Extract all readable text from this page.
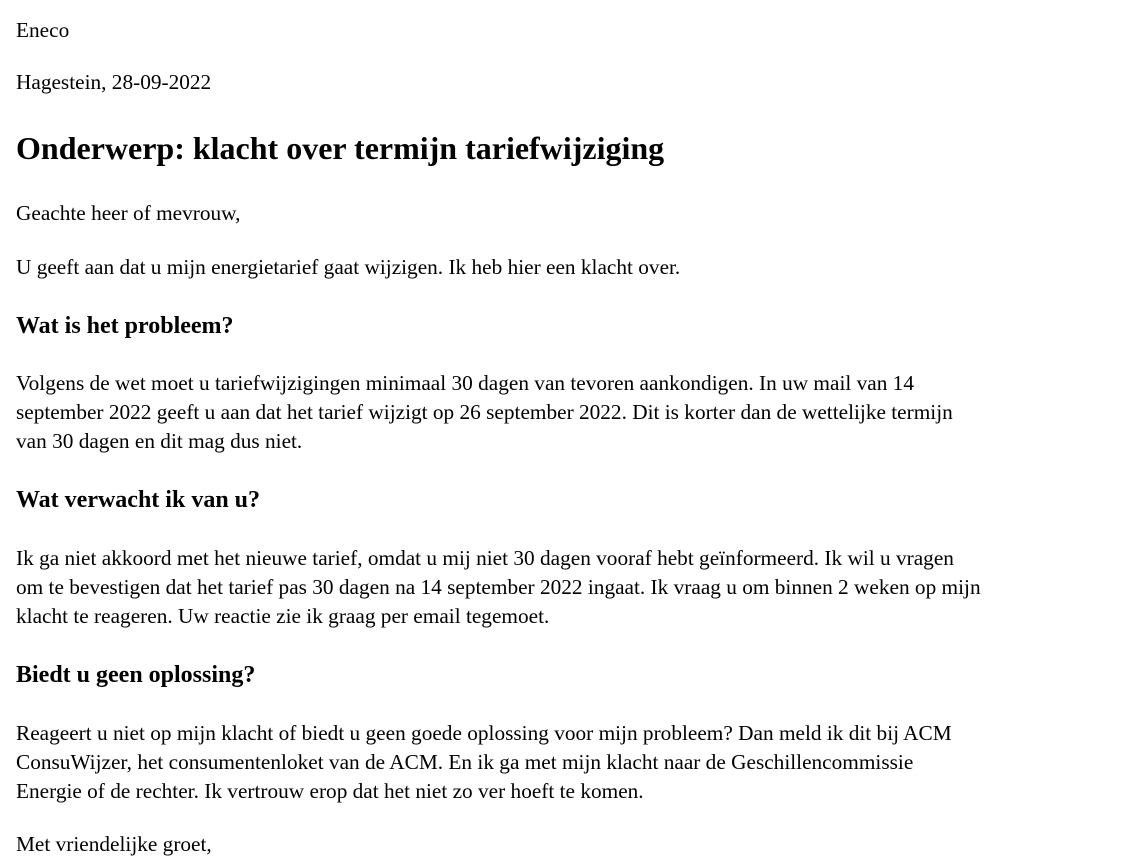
Eneco

Hagestein, 28-09-2022

Onderwerp: klacht over termijn tariefwijziging

Geachte heer of mevrouw,

U geeft aan dat u mijn energietarief gaat wijzigen. Ik heb hier een klacht over.

Wat is het probleem?
Volgens de wet moet u tariefwijzigingen minimaal 30 dagen van tevoren aankondigen. In uw mail van 14
september 2022 geeft u aan dat het tarief wijzigt op 26 september 2022. Dit is korter dan de wettelijke termijn
van 30 dagen en dit mag dus niet.
Wat verwacht ik van u?
Ik ga niet akkoord met het nieuwe tarief, omdat u mij niet 30 dagen vooraf hebt geïnformeerd. Ik wil u vragen
om te bevestigen dat het tarief pas 30 dagen na 14 september 2022 ingaat. Ik vraag u om binnen 2 weken op mijn
klacht te reageren. Uw reactie zie ik graag per email tegemoet.
Biedt u geen oplossing?
Reageert u niet op mijn klacht of biedt u geen goede oplossing voor mijn probleem? Dan meld ik dit bij ACM
ConsuWijzer, het consumentenloket van de ACM. En ik ga met mijn klacht naar de Geschillencommissie
Energie of de rechter. Ik vertrouw erop dat het niet zo ver hoeft te komen.

Met vriendelijke groet,
